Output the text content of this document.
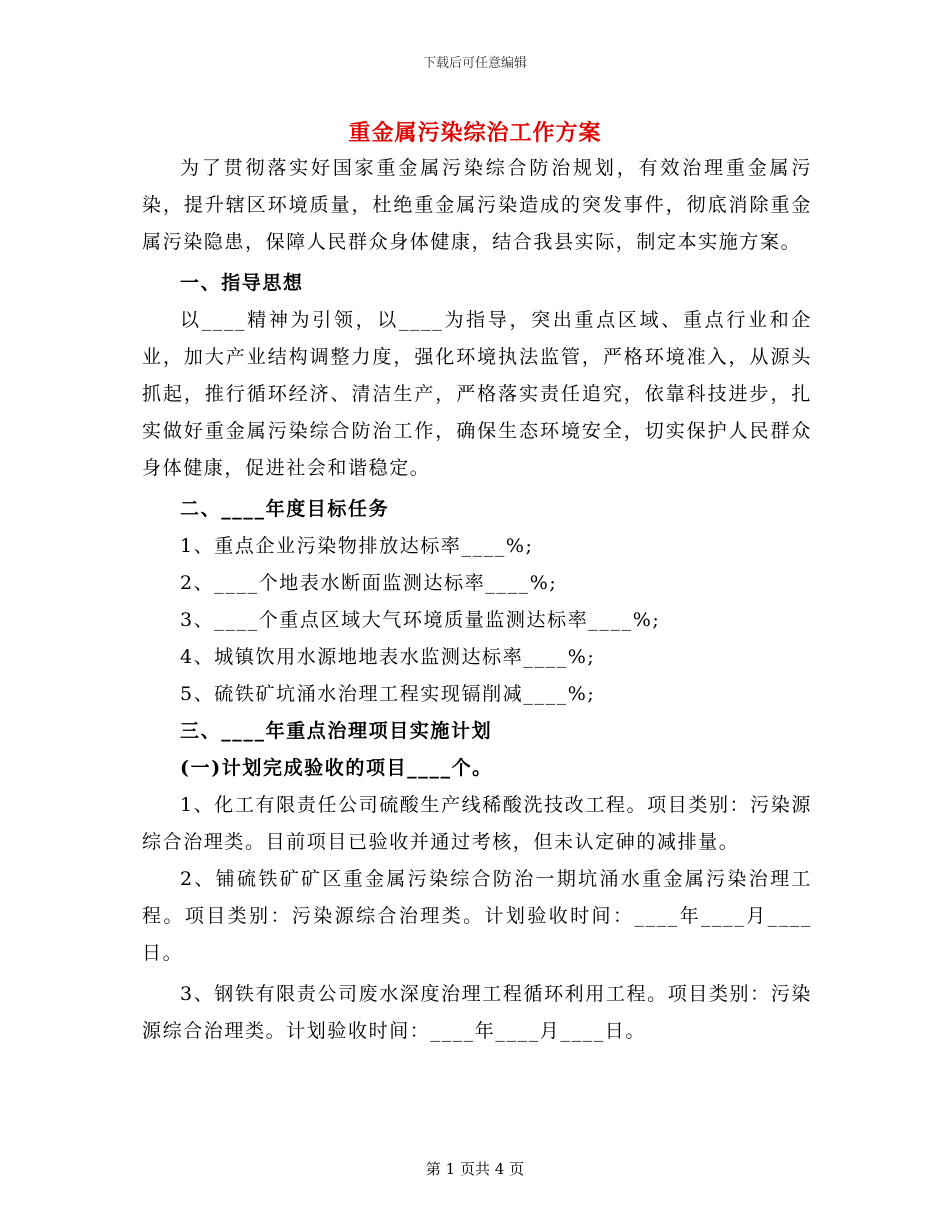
下载后可任意编辑
重金属污染综治工作方案

为了贯彻落实好国家重金属污染综合防治规划，有效治理重金属污染，提升辖区环境质量，杜绝重金属污染造成的突发事件，彻底消除重金属污染隐患，保障人民群众身体健康，结合我县实际，制定本实施方案。

一、指导思想

以____精神为引领，以____为指导，突出重点区域、重点行业和企业，加大产业结构调整力度，强化环境执法监管，严格环境准入，从源头抓起，推行循环经济、清洁生产，严格落实责任追究，依靠科技进步，扎实做好重金属污染综合防治工作，确保生态环境安全，切实保护人民群众身体健康，促进社会和谐稳定。

二、____年度目标任务

1、重点企业污染物排放达标率____%;

2、____个地表水断面监测达标率____%;

3、____个重点区域大气环境质量监测达标率____%;

4、城镇饮用水源地地表水监测达标率____%;

5、硫铁矿坑涌水治理工程实现镉削减____%;

三、____年重点治理项目实施计划
(一)计划完成验收的项目____个。

1、化工有限责任公司硫酸生产线稀酸洗技改工程。项目类别：污染源综合治理类。目前项目已验收并通过考核，但未认定砷的减排量。

2、铺硫铁矿矿区重金属污染综合防治一期坑涌水重金属污染治理工程。项目类别：污染源综合治理类。计划验收时间：____年____月____日。

3、钢铁有限责公司废水深度治理工程循环利用工程。项目类别：污染源综合治理类。计划验收时间：____年____月____日。

第 1 页共 4 页
